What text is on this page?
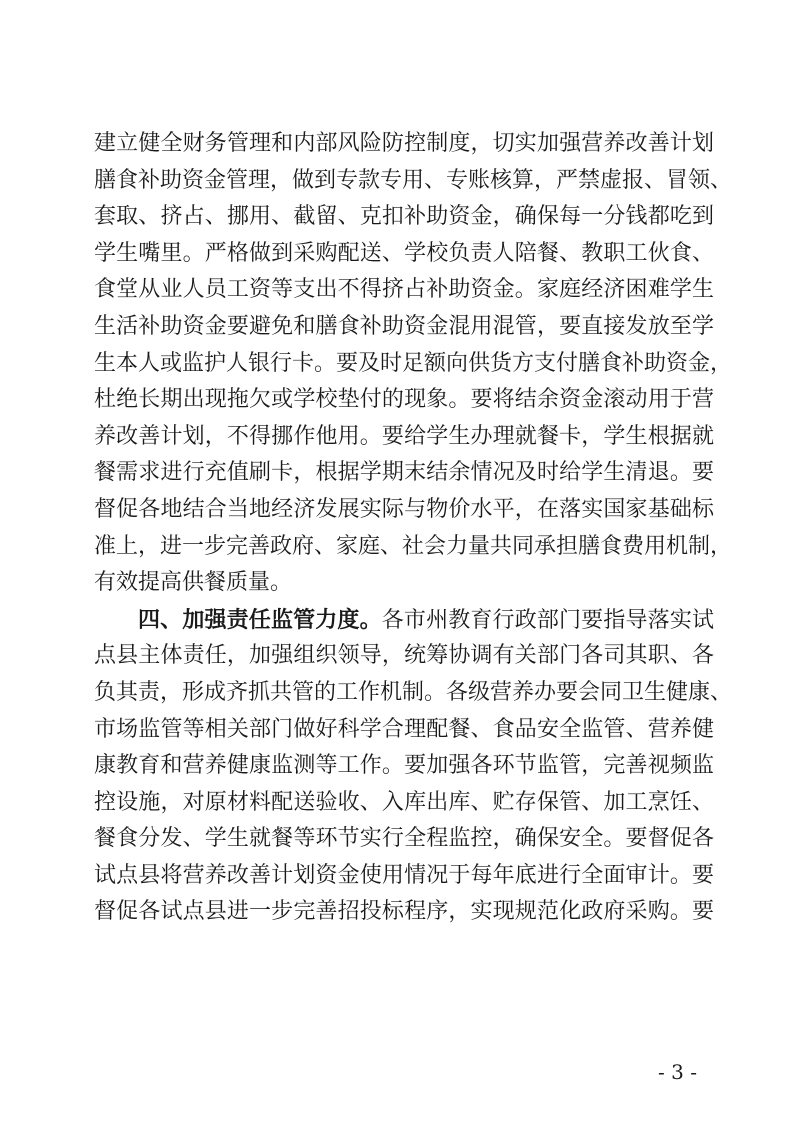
建立健全财务管理和内部风险防控制度，切实加强营养改善计划
膳食补助资金管理，做到专款专用、专账核算，严禁虚报、冒领、
套取、挤占、挪用、截留、克扣补助资金，确保每一分钱都吃到
学生嘴里。严格做到采购配送、学校负责人陪餐、教职工伙食、
食堂从业人员工资等支出不得挤占补助资金。家庭经济困难学生
生活补助资金要避免和膳食补助资金混用混管，要直接发放至学
生本人或监护人银行卡。要及时足额向供货方支付膳食补助资金，
杜绝长期出现拖欠或学校垫付的现象。要将结余资金滚动用于营
养改善计划，不得挪作他用。要给学生办理就餐卡，学生根据就
餐需求进行充值刷卡，根据学期末结余情况及时给学生清退。要
督促各地结合当地经济发展实际与物价水平，在落实国家基础标
准上，进一步完善政府、家庭、社会力量共同承担膳食费用机制，
有效提高供餐质量。
四、加强责任监管力度。各市州教育行政部门要指导落实试
点县主体责任，加强组织领导，统筹协调有关部门各司其职、各
负其责，形成齐抓共管的工作机制。各级营养办要会同卫生健康、
市场监管等相关部门做好科学合理配餐、食品安全监管、营养健
康教育和营养健康监测等工作。要加强各环节监管，完善视频监
控设施，对原材料配送验收、入库出库、贮存保管、加工烹饪、
餐食分发、学生就餐等环节实行全程监控，确保安全。要督促各
试点县将营养改善计划资金使用情况于每年底进行全面审计。要
督促各试点县进一步完善招投标程序，实现规范化政府采购。要
- 3 -
